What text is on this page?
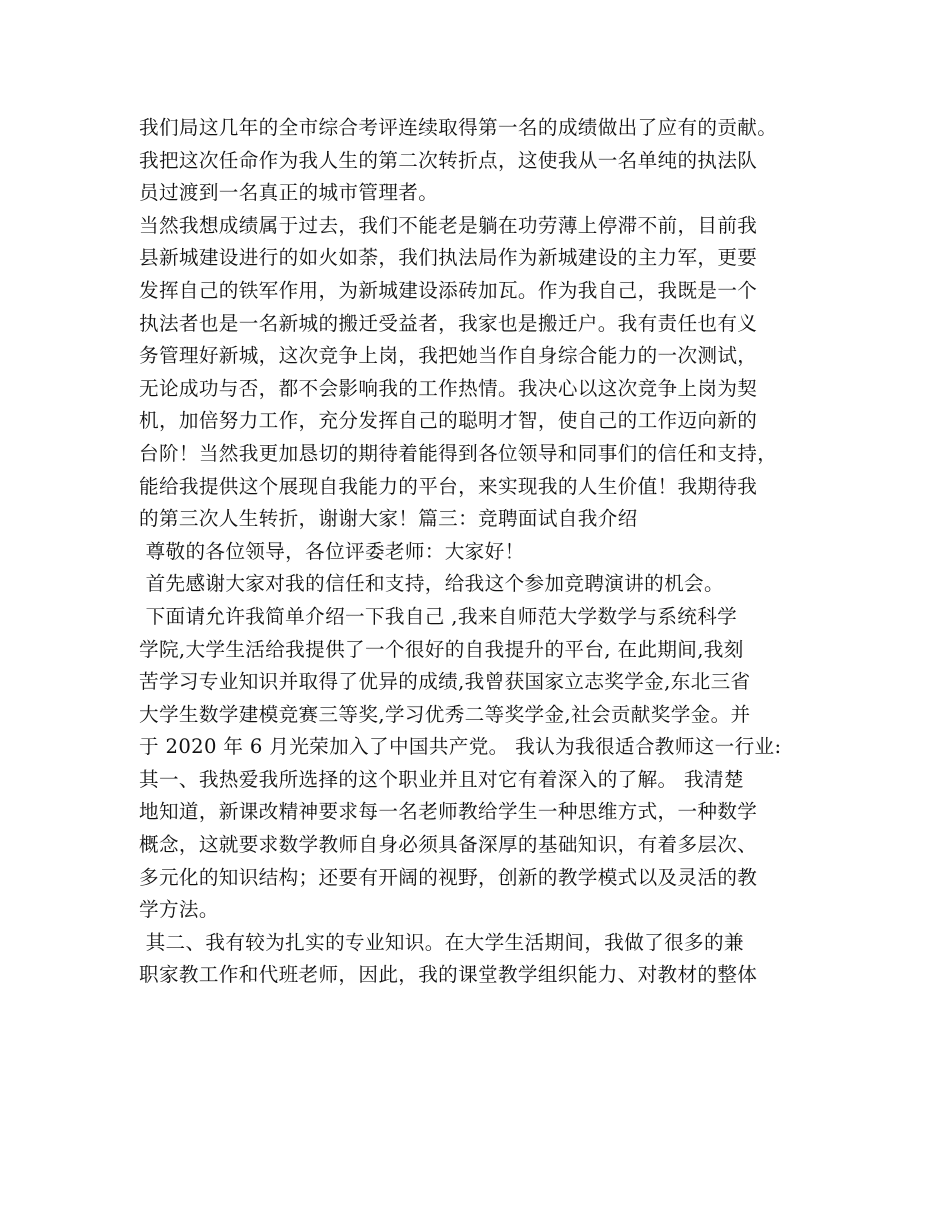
我们局这几年的全市综合考评连续取得第一名的成绩做出了应有的贡献。
我把这次任命作为我人生的第二次转折点，这使我从一名单纯的执法队
员过渡到一名真正的城市管理者。
当然我想成绩属于过去，我们不能老是躺在功劳薄上停滞不前，目前我
县新城建设进行的如火如荼，我们执法局作为新城建设的主力军，更要
发挥自己的铁军作用，为新城建设添砖加瓦。作为我自己，我既是一个
执法者也是一名新城的搬迁受益者，我家也是搬迁户。我有责任也有义
务管理好新城，这次竞争上岗，我把她当作自身综合能力的一次测试，
无论成功与否，都不会影响我的工作热情。我决心以这次竞争上岗为契
机，加倍努力工作，充分发挥自己的聪明才智，使自己的工作迈向新的
台阶！当然我更加恳切的期待着能得到各位领导和同事们的信任和支持，
能给我提供这个展现自我能力的平台，来实现我的人生价值！我期待我
的第三次人生转折，谢谢大家！篇三：竞聘面试自我介绍
尊敬的各位领导，各位评委老师：大家好！
首先感谢大家对我的信任和支持，给我这个参加竞聘演讲的机会。
下面请允许我简单介绍一下我自己 ,我来自师范大学数学与系统科学
学院,大学生活给我提供了一个很好的自我提升的平台, 在此期间,我刻
苦学习专业知识并取得了优异的成绩,我曾获国家立志奖学金,东北三省
大学生数学建模竞赛三等奖,学习优秀二等奖学金,社会贡献奖学金。并
于 2020 年 6 月光荣加入了中国共产党。 我认为我很适合教师这一行业:
其一、我热爱我所选择的这个职业并且对它有着深入的了解。 我清楚
地知道，新课改精神要求每一名老师教给学生一种思维方式，一种数学
概念，这就要求数学教师自身必须具备深厚的基础知识，有着多层次、
多元化的知识结构；还要有开阔的视野，创新的教学模式以及灵活的教
学方法。
其二、我有较为扎实的专业知识。在大学生活期间，我做了很多的兼
职家教工作和代班老师，因此，我的课堂教学组织能力、对教材的整体
